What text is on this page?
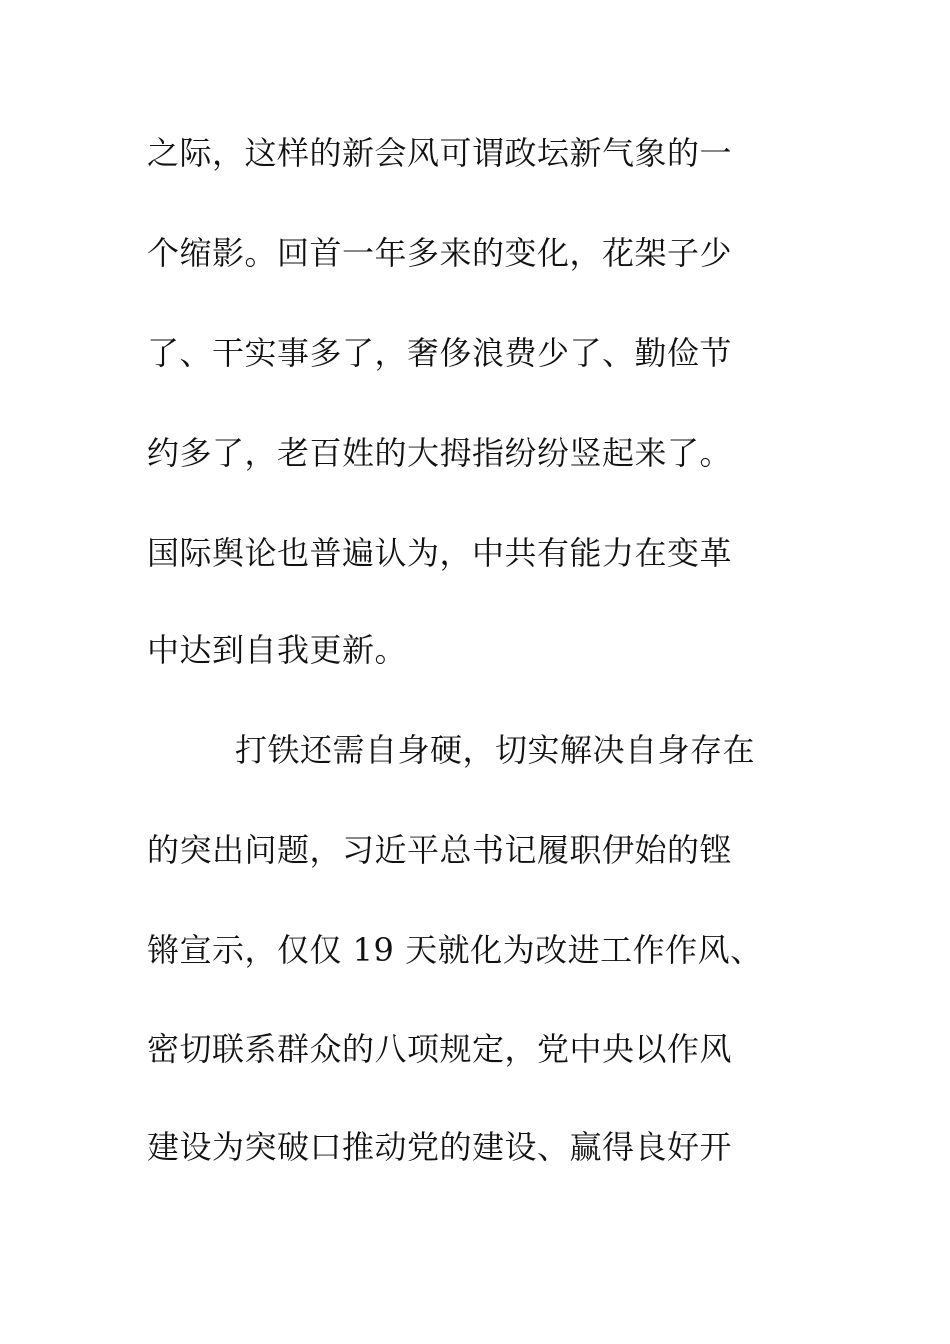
之际，这样的新会风可谓政坛新气象的一
个缩影。回首一年多来的变化，花架子少
了、干实事多了，奢侈浪费少了、勤俭节
约多了，老百姓的大拇指纷纷竖起来了。
国际舆论也普遍认为，中共有能力在变革
中达到自我更新。
打铁还需自身硬，切实解决自身存在
的突出问题，习近平总书记履职伊始的铿
锵宣示，仅仅 19 天就化为改进工作作风、
密切联系群众的八项规定，党中央以作风
建设为突破口推动党的建设、赢得良好开
